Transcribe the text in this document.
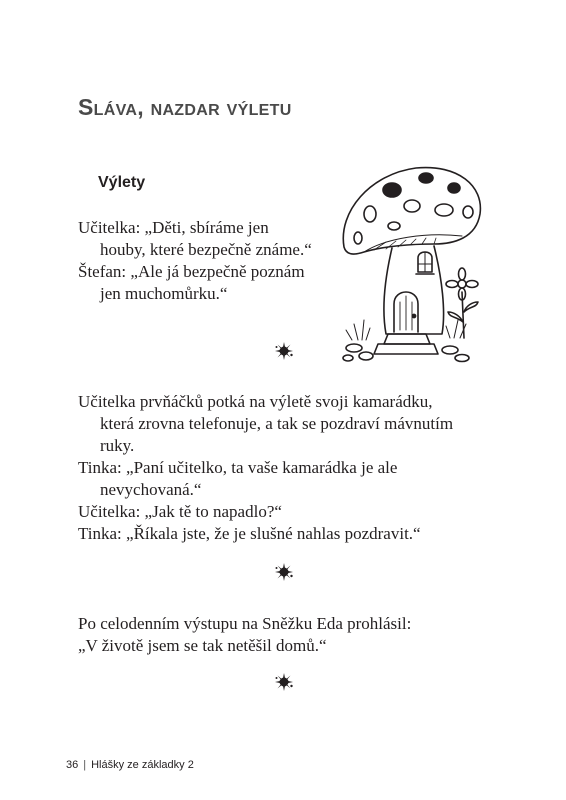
Sláva, nazdar výletu
Výlety

Učitelka: „Děti, sbíráme jen houby, které bezpečně známe.“

Štefan: „Ale já bezpečně poznám jen muchomůrku.“

Učitelka prvňáčků potká na výletě svoji kamarádku, která zrovna telefonuje, a tak se pozdraví mávnutím ruky.

Tinka: „Paní učitelko, ta vaše kamarádka je ale nevychovaná.“

Učitelka: „Jak tě to napadlo?“

Tinka: „Říkala jste, že je slušné nahlas pozdravit.“

Po celodenním výstupu na Sněžku Eda prohlásil:

„V životě jsem se tak netěšil domů.“

36 | Hlášky ze základky 2
